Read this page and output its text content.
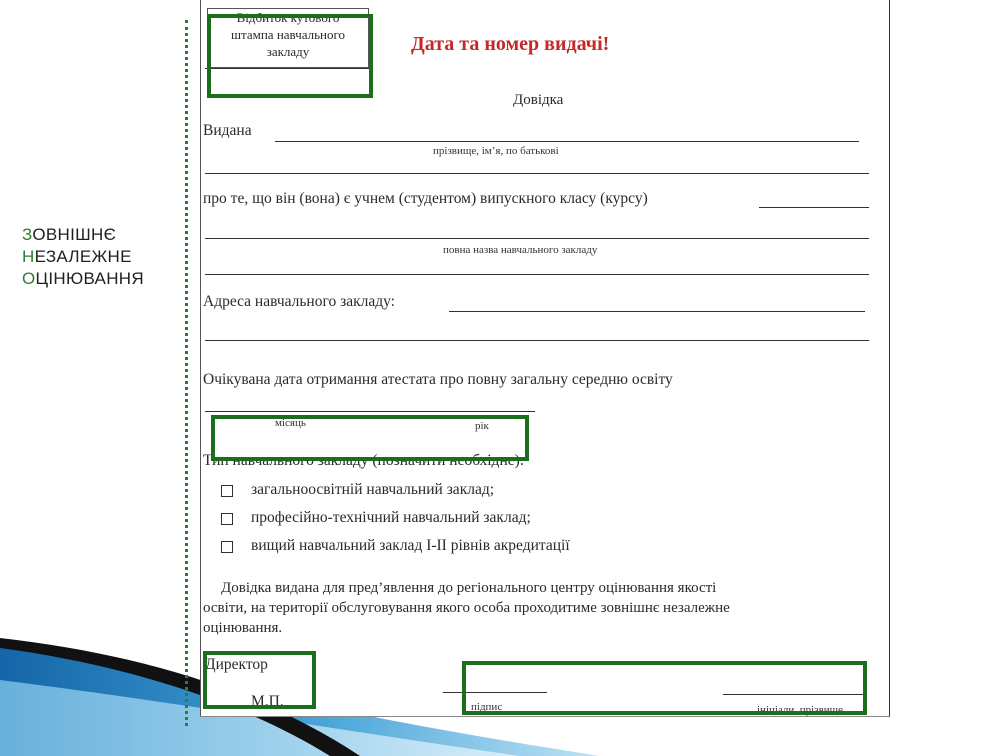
ЗОВНІШНЄ
НЕЗАЛЕЖНЕ
ОЦІНЮВАННЯ
Відбиток кутового
штампа навчального
закладу	Дата та номер видачі!
Довідка
Видана
прізвище, ім’я, по батькові
про те, що він (вона) є учнем (студентом) випускного класу (курсу)
повна назва навчального закладу
Адреса навчального закладу:
Очікувана дата отримання атестата про повну загальну середню освіту
місяць	рік
Тип навчального закладу (позначити необхідне):
загальноосвітній навчальний заклад;
професійно-технічний навчальний заклад;
вищий навчальний заклад I-II рівнів акредитації
Довідка видана для пред’явлення до регіонального центру оцінювання якості
освіти, на території обслуговування якого особа проходитиме зовнішнє незалежне
оцінювання.
Директор
М.П.	підпис	ініціали, прізвище
